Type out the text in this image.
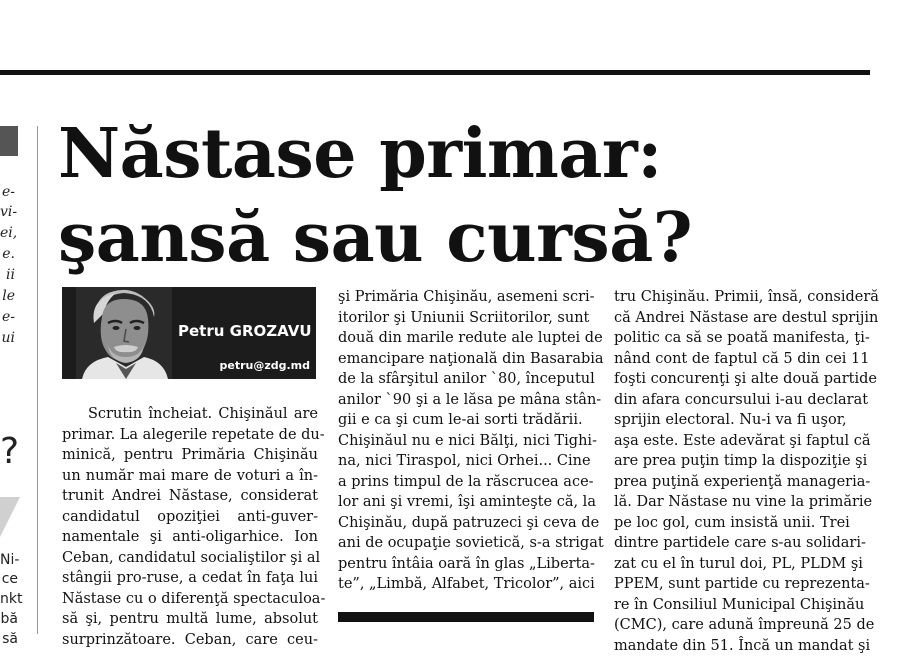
e-
vi-
ei,
e.
ii
le
e-
ui
?
Ni-
ce
nkt
bă
să
Năstase primar:
şansă sau cursă?
Petru GROZAVU
petru@zdg.md
Scrutin încheiat. Chişinăul are
primar. La alegerile repetate de du-
minică, pentru Primăria Chişinău
un număr mai mare de voturi a în-
trunit Andrei Năstase, considerat
candidatul opoziţiei anti-guver-
namentale şi anti-oligarhice. Ion
Ceban, candidatul socialiştilor şi al
stângii pro-ruse, a cedat în faţa lui
Năstase cu o diferenţă spectaculoa-
să şi, pentru multă lume, absolut
surprinzătoare. Ceban, care ceu-
şi Primăria Chişinău, asemeni scri-
itorilor şi Uniunii Scriitorilor, sunt
două din marile redute ale luptei de
emancipare naţională din Basarabia
de la sfârşitul anilor `80, începutul
anilor `90 şi a le lăsa pe mâna stân-
gii e ca şi cum le-ai sorti trădării.
Chişinăul nu e nici Bălţi, nici Tighi-
na, nici Tiraspol, nici Orhei... Cine
a prins timpul de la răscrucea ace-
lor ani şi vremi, îşi aminteşte că, la
Chişinău, după patruzeci şi ceva de
ani de ocupaţie sovietică, s-a strigat
pentru întâia oară în glas „Liberta-
te”, „Limbă, Alfabet, Tricolor”, aici
tru Chişinău. Primii, însă, consideră
că Andrei Năstase are destul sprijin
politic ca să se poată manifesta, ţi-
nând cont de faptul că 5 din cei 11
foşti concurenţi şi alte două partide
din afara concursului i-au declarat
sprijin electoral. Nu-i va fi uşor,
aşa este. Este adevărat şi faptul că
are prea puţin timp la dispoziţie şi
prea puţină experienţă manageria-
lă. Dar Năstase nu vine la primărie
pe loc gol, cum insistă unii. Trei
dintre partidele care s-au solidari-
zat cu el în turul doi, PL, PLDM şi
PPEM, sunt partide cu reprezenta-
re în Consiliul Municipal Chişinău
(CMC), care adună împreună 25 de
mandate din 51. Încă un mandat şi
